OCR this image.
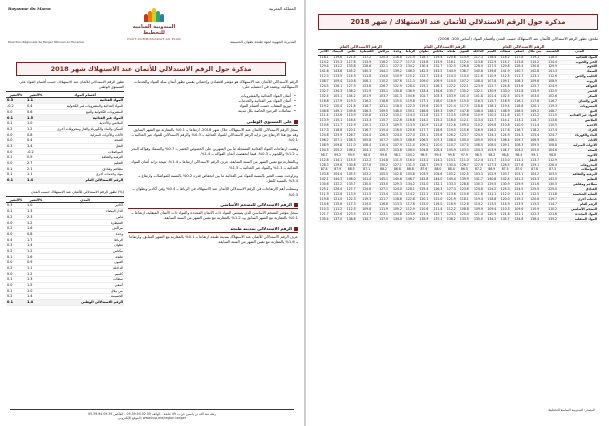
Royaume du Maroc	المملكة المغربية
المندوبية السامية للتخطيط
HAUT-COMMISSARIAT AU PLAN
Direction Régionale de Tanger Tétouan Al Hoceima	المديرية الجهوية لجهة طنجة تطوان الحسيمة
مذكرة حول الرقم الاستدلالي للأثمان عند الاستهلاك شهر 2018
تطور الرقم الاستدلالي للأثمان عند الاستهلاك، حسب أقسام المواد على المستوى الوطني
التغير%	التغير%	أقسام المواد
0.3	1.1	المواد الغذائية
-0.2	0.4	المواد الغذائية والمشروبات غير الكحولية
0.0	0.6	المشروبات الكحولية والتبغ
0.1	1.5	المواد غير الغذائية
0.1	1.0	الملابس والأحذية
0.2	1.2	السكن والماء والكهرباء والغاز ومحروقات أخرى
0.0	0.8	الأثاث والأدوات المنزلية
0.0	0.4	الصحة
0.3	3.4	النقل
0.0	-0.2	المواصلات
0.1	0.9	الترفيه والثقافة
0.0	2.7	التعليم
0.1	2.1	مطاعم وفنادق
0.1	1.1	مواد وخدمات أخرى
0.1	1.4	الرقم الاستدلالي العام
تطور الرقم الاستدلالي للأثمان عند الاستهلاك حسب المدن (%)
التغير%	التغير%	المدن
0.3	1.0	أكادير
0.1	1.3	الدار البيضاء
0.2	2.3	فاس
0.0	1.2	القنيطرة
0.2	1.6	مراكش
0.0	0.8	وجدة
0.4	1.7	الرباط
0.3	1.4	تطوان
0.2	1.2	مكناس
0.1	1.6	طنجة
0.0	0.9	العيون
0.2	1.1	الداخلة
0.0	1.2	كلميم
0.1	1.3	سطات
0.0	1.5	آسفي
0.1	1.0	بني ملال
0.2	1.4	الحسيمة
0.1	1.4	الرقم الاستدلالي الوطني
الرقم الاستدلالي للأثمان عند الاستهلاك هو مؤشر اقتصادي وإحصائي يقيس تطور أثمان سلة المواد والخدمات الاستهلاكية، ويعتمد في احتسابه على:
• أثمان المواد الغذائية والمشروبات
• أثمان المواد غير الغذائية والخدمات
• توزيع النفقات حسب أقسام المواد
• معاملات الترجيح الخاصة بكل مدينة
على المستوى الوطني
سجل الرقم الاستدلالي للأثمان عند الاستهلاك، خلال شهر 2018، ارتفاعا بـ 0.1% بالمقارنة مع الشهر السابق. وقد نتج هذا الارتفاع عن تزايد الرقم الاستدلالي للمواد الغذائية بـ 0.3% والرقم الاستدلالي للمواد غير الغذائية بـ 0.1%.
وهمت ارتفاعات المواد الغذائية المسجلة ما بين الشهرين على الخصوص الخضر بـ 0.7% والسمك وفواكه البحر بـ 1.2% واللحوم بـ 0.3%، فيما انخفضت أثمان الفواكه بـ 1.4%.
وبالمقارنة مع نفس الشهر من السنة السابقة، عرف الرقم الاستدلالي ارتفاعا بـ 1.4%، نتيجة تزايد أثمان المواد الغذائية بـ 1.1% والمواد غير الغذائية بـ 1.5%.
وتراوحت نسب التغير بالنسبة للمواد غير الغذائية ما بين انخفاض قدره 0.2% بالنسبة للمواصلات وارتفاع بـ 3.4% بالنسبة للنقل.
وسجلت أهم الارتفاعات في الرقم الاستدلالي للأثمان عند الاستهلاك في الرباط بـ 0.4% وفي أكادير وتطوان بـ 0.3%.
الرقم الاستدلالي للتضخم الأساسي
سجل مؤشر التضخم الأساسي الذي يستثني المواد ذات الأثمان المحددة والمواد ذات الأثمان المتقلبة، ارتفاعا بـ 0.1% بالمقارنة مع الشهر السابق وبـ 1.2% بالمقارنة مع نفس الشهر من السنة السابقة.
الرقم الاستدلالي بمدينة طنجة
عرف الرقم الاستدلالي للأثمان عند الاستهلاك بمدينة طنجة ارتفاعا بـ 0.1% بالمقارنة مع الشهر السابق، وارتفاعا بـ 1.6% بالمقارنة مع نفس الشهر من السنة السابقة.
زنقة عبد الله بن ياسين ص.ب 49 طنجة - الهاتف 05.39.94.02.00 - الفاكس 05.39.94.09.39
الموقع الإلكتروني: www.hcp.ma/region-tanger
مذكرة حول الرقم الاستدلالي للأثمان عند الاستهلاك / شهر 2018
ملحق: تطور الرقم الاستدلالي للأثمان عند الاستهلاك حسب المدن وأقسام المواد (أساس 100: 2006)
الرقم الاستدلالي العام						الرقم الاستدلالي العام						الرقم الاستدلالي العام					
أكادير	البيضاء	فاس	القنيطرة	مراكش	وجدة	الرباط	تطوان	مكناس	طنجة	العيون	الداخلة	كلميم	سطات	آسفي	بني ملال	الحسيمة	المدن
118.1	119.6	121.4	117.2	120.3	116.8	121.9	118.7	119.4	120.6	115.9	117.3	116.4	118.2	117.8	119.1	118.5	المواد الغذائية
114.2	115.3	117.6	113.9	116.2	112.7	117.4	114.8	115.9	116.1	112.4	113.6	112.9	114.7	113.8	115.2	114.4	الخبز والحبوب
129.4	131.2	133.8	128.6	132.1	127.3	134.2	130.4	131.7	132.5	126.8	128.9	127.5	129.8	128.4	130.6	129.9	اللحوم
141.6	143.8	145.2	140.3	144.1	139.2	146.3	142.5	143.2	144.9	138.7	140.8	139.6	141.9	140.7	142.8	141.3	السمك
112.3	113.5	114.9	111.8	114.0	110.9	115.2	112.7	113.4	114.3	110.4	111.6	110.9	112.5	111.7	113.1	112.6	الحليب والجبن
108.7	109.4	110.8	108.1	110.2	107.6	111.3	109.0	109.9	110.5	107.2	108.4	107.8	109.1	108.3	109.6	108.9	الزيوت
124.5	126.1	127.9	123.8	126.7	122.9	128.4	125.2	126.3	127.2	122.1	123.9	122.7	124.8	123.6	125.7	124.9	الفواكه
132.7	134.3	136.2	131.9	135.1	130.8	136.9	133.4	134.6	135.7	130.2	132.1	130.9	133.0	131.8	133.9	132.5	الخضر
102.4	103.1	104.2	101.9	103.7	101.3	104.6	102.7	103.3	103.9	101.0	101.8	101.4	102.5	101.9	103.0	102.6	السكر
116.8	117.9	119.3	116.2	118.6	115.5	119.8	117.1	118.0	118.9	115.0	116.3	115.7	116.9	116.1	117.6	116.7	البن والشاي
119.2	120.4	121.8	118.7	121.1	118.0	122.3	119.6	120.5	121.4	117.5	118.8	118.1	119.4	118.6	120.1	119.3	المشروبات
148.6	149.1	149.8	148.3	149.5	148.0	150.1	148.8	149.3	149.7	147.8	148.4	148.1	148.9	148.5	149.2	148.7	التبغ
111.4	112.6	113.9	110.8	113.2	110.1	114.3	111.8	112.7	113.5	109.6	110.9	110.2	111.6	110.7	112.2	111.5	المواد غير الغذائية
113.9	115.1	116.4	113.3	115.7	112.6	116.8	114.2	115.2	116.0	112.1	113.4	112.7	114.1	113.2	114.7	113.8	الملابس
110.6	111.7	112.9	110.1	112.3	109.5	113.3	110.9	111.8	112.6	109.0	110.2	109.6	110.8	110.0	111.4	110.5	الأحذية
117.3	118.8	120.1	116.7	119.4	116.0	120.6	117.7	118.6	119.5	115.6	116.9	116.2	117.6	116.7	118.2	117.4	الكراء
124.8	125.9	126.7	124.4	126.3	124.0	127.0	125.1	125.6	126.2	123.7	124.5	124.1	124.9	124.3	125.4	124.7	الماء والكهرباء
106.2	107.1	108.3	105.8	107.7	105.3	108.6	106.5	107.3	108.0	105.0	105.9	105.4	106.4	105.7	106.9	106.1	الأثاث
108.9	109.8	111.0	108.4	110.4	107.9	111.4	109.2	110.0	110.7	107.5	108.5	108.0	109.1	108.3	109.5	108.8	الأدوات المنزلية
104.5	105.2	106.1	104.1	105.7	103.8	106.4	104.8	105.4	105.9	103.5	104.3	103.9	104.7	104.2	105.0	104.6	الصحة
98.7	99.2	99.9	98.4	99.6	98.1	100.2	98.9	99.4	99.8	97.9	98.5	98.2	98.8	98.4	99.1	98.8	الأدوية
112.8	114.1	115.5	112.2	114.8	111.5	116.0	113.2	114.2	115.1	111.0	112.4	111.7	113.0	112.1	113.7	112.9	النقل
128.3	129.6	130.8	127.8	130.2	127.1	131.3	128.7	129.5	130.4	126.7	127.9	127.3	128.5	127.6	129.1	128.4	المحروقات
87.4	87.9	88.5	87.1	88.2	86.8	88.8	87.6	88.0	88.4	86.5	87.2	86.9	87.5	87.0	87.8	87.3	المواصلات
103.6	104.4	105.5	103.2	105.0	102.8	105.8	103.9	104.6	105.2	102.5	103.3	102.9	103.7	103.1	104.2	103.5	الترفيه والثقافة
142.1	144.3	146.0	141.4	145.1	140.6	146.7	142.8	144.0	145.4	139.9	141.7	140.8	142.4	141.2	143.3	142.0	التعليم
130.6	132.2	133.7	130.0	133.0	129.3	134.2	131.0	132.1	133.3	128.8	130.3	129.5	130.9	129.9	131.6	130.5	مطاعم ومقاهي
125.1	126.4	127.7	124.6	127.1	124.0	128.1	125.4	126.3	127.3	123.6	124.8	124.2	125.3	124.5	125.9	125.0	الفنادق
111.9	112.8	113.9	111.5	113.4	111.0	114.2	112.2	112.9	113.6	110.6	111.6	111.1	112.0	111.3	112.5	111.8	العناية الشخصية
119.8	121.0	122.3	119.3	121.7	118.6	122.8	120.1	121.0	121.9	118.1	119.4	118.8	120.0	119.1	120.6	119.7	خدمات أخرى
114.6	115.8	117.3	114.0	116.6	113.3	117.8	115.0	116.0	116.9	112.8	114.2	113.5	114.9	113.9	115.5	114.7	الرقم العام
110.3	111.2	112.5	109.8	111.9	109.2	112.9	110.6	111.4	112.2	108.8	109.9	109.4	110.5	109.6	110.9	110.2	التضخم الأساسي
121.7	122.6	123.5	121.3	123.1	120.8	123.9	121.9	122.7	123.3	120.4	121.4	120.9	121.8	121.1	122.3	121.6	المواد المحددة
135.4	137.0	138.6	134.7	137.9	134.0	139.2	135.9	137.1	138.2	133.5	135.0	134.2	135.7	134.6	136.4	135.2	المواد المتقلبة
المصدر: المندوبية السامية للتخطيط
